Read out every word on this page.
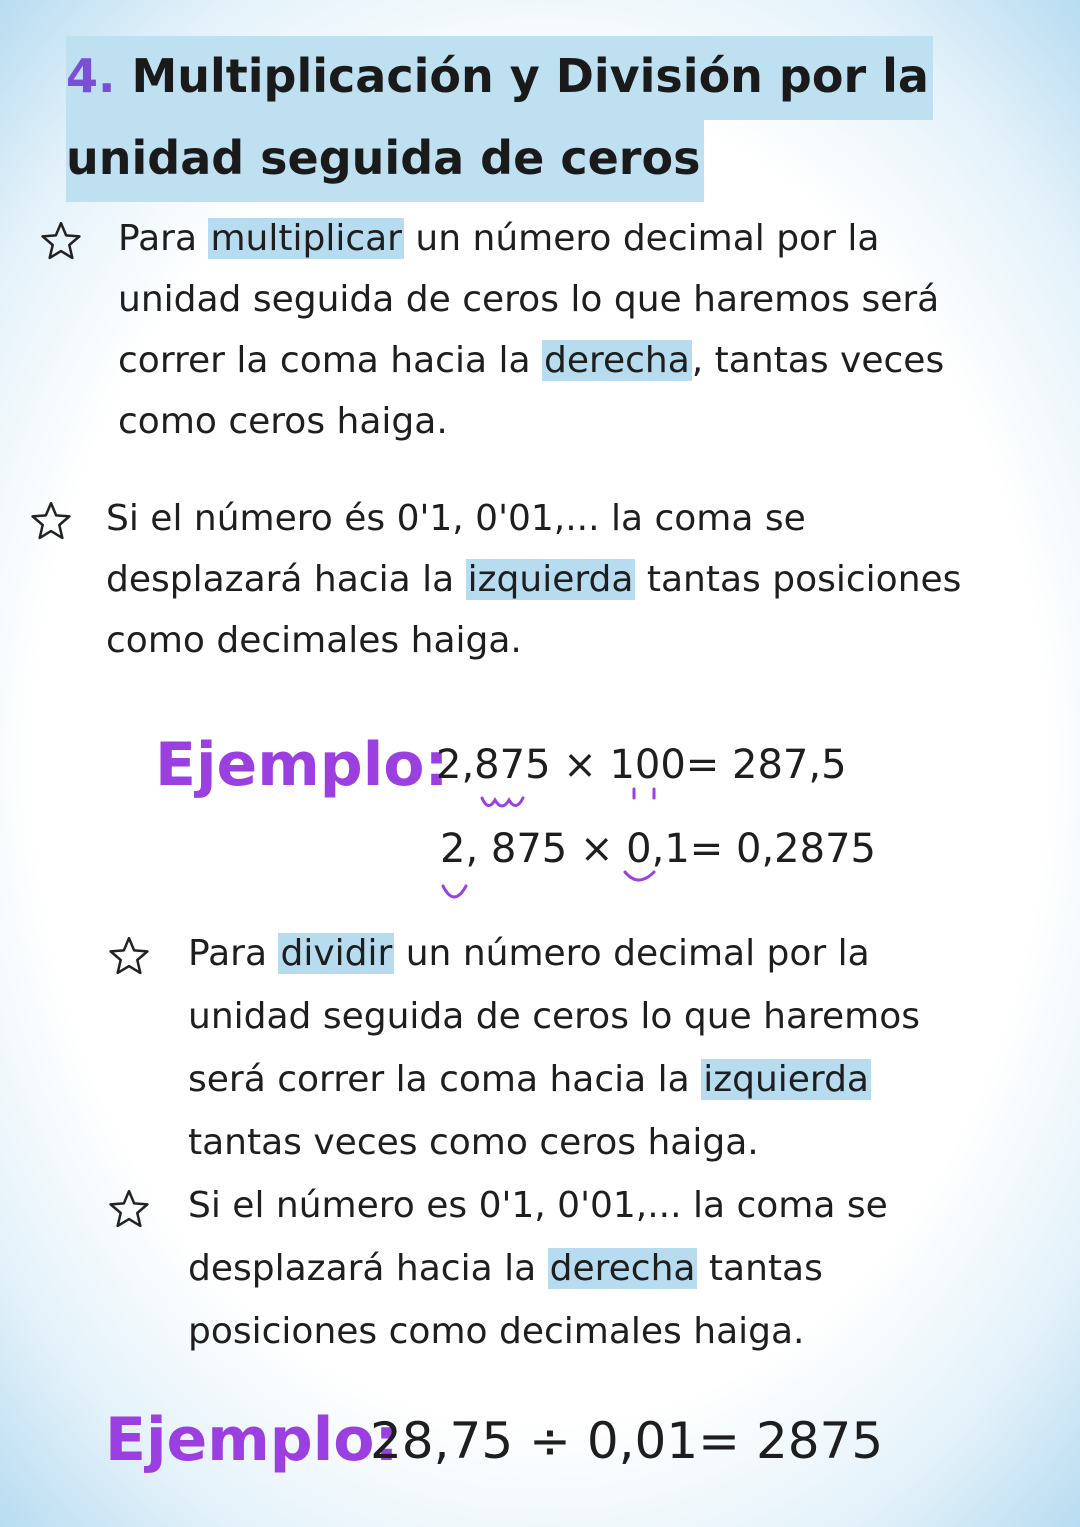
4. Multiplicación y División por la
unidad seguida de ceros
Para multiplicar un número decimal por la
unidad seguida de ceros lo que haremos será
correr la coma hacia la derecha, tantas veces
como ceros haiga.
Si el número és 0'1, 0'01,... la coma se
desplazará hacia la izquierda tantas posiciones
como decimales haiga.
Ejemplo:
2,875 × 100= 287,5
2, 875 × 0,1= 0,2875
Para dividir un número decimal por la
unidad seguida de ceros lo que haremos
será correr la coma hacia la izquierda
tantas veces como ceros haiga.
Si el número es 0'1, 0'01,... la coma se
desplazará hacia la derecha tantas
posiciones como decimales haiga.
Ejemplo:
28,75 ÷ 0,01= 2875
